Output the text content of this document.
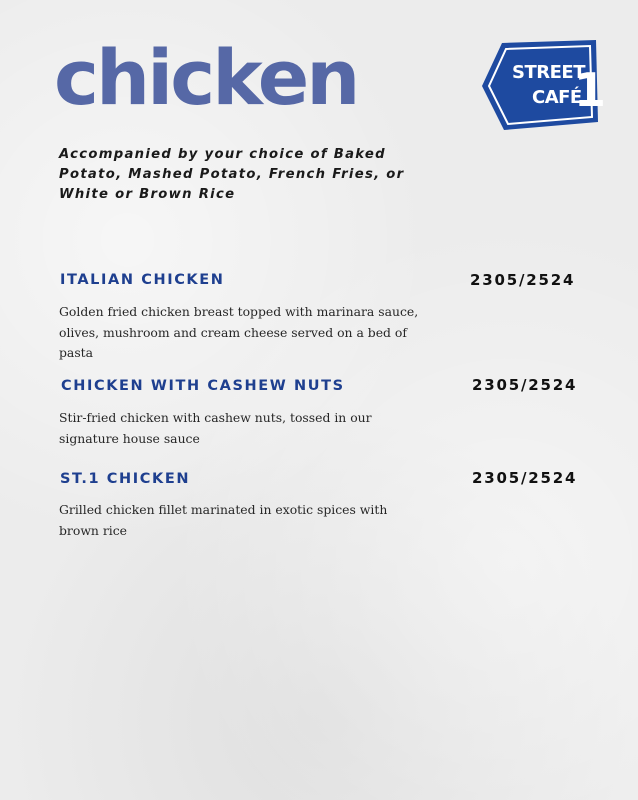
chicken	STREET
CAFÉ
1

Accompanied by your choice of Baked Potato, Mashed Potato, French Fries, or White or Brown Rice

ITALIAN CHICKEN	2305/2524

Golden fried chicken breast topped with marinara sauce, olives, mushroom and cream cheese served on a bed of pasta

CHICKEN WITH CASHEW NUTS	2305/2524

Stir-fried chicken with cashew nuts, tossed in our signature house sauce

ST.1 CHICKEN	2305/2524

Grilled chicken fillet marinated in exotic spices with brown rice
